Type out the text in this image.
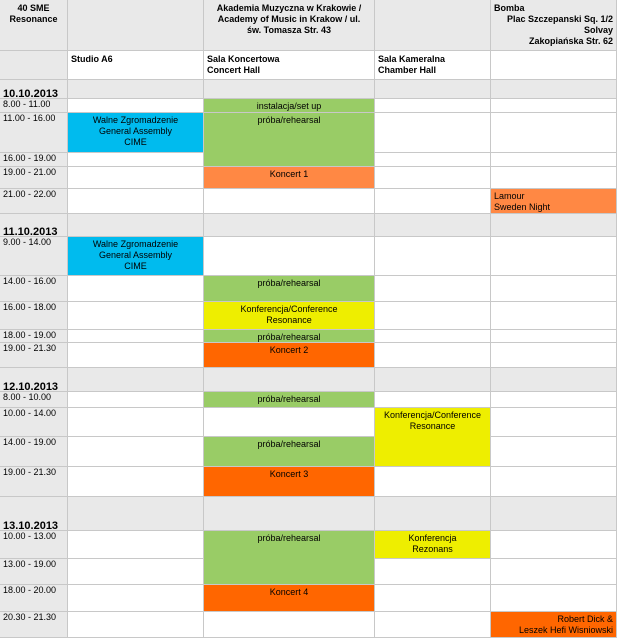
40 SME
Resonance
Akademia Muzyczna w Krakowie /
Academy of Music in Krakow / ul.
św. Tomasza Str. 43
Bomba
Plac Szczepanski Sq. 1/2
Solvay
Zakopiańska Str. 62
Studio A6	Sala Koncertowa
Concert Hall
Sala Kameralna
Chamber Hall
10.10.2013
8.00 - 11.00
11.00 - 16.00
16.00 - 19.00
19.00 - 21.00
21.00 - 22.00
11.10.2013
9.00 - 14.00
14.00 - 16.00
16.00 - 18.00
18.00 - 19.00
19.00 - 21.30
12.10.2013
8.00 - 10.00
10.00 - 14.00
14.00 - 19.00
19.00 - 21.30
13.10.2013
10.00 - 13.00
13.00 - 19.00
18.00 - 20.00
20.30 - 21.30
instalacja/set up
Walne Zgromadzenie
General Assembly
CIME
próba/rehearsal
Koncert 1
Lamour
Sweden Night
Walne Zgromadzenie
General Assembly
CIME
próba/rehearsal
Konferencja/Conference
Resonance
próba/rehearsal
Koncert 2
próba/rehearsal
Konferencja/Conference
Resonance
próba/rehearsal
Koncert 3
próba/rehearsal	Konferencja
Rezonans
Koncert 4
Robert Dick &
Leszek Hefi Wisniowski
